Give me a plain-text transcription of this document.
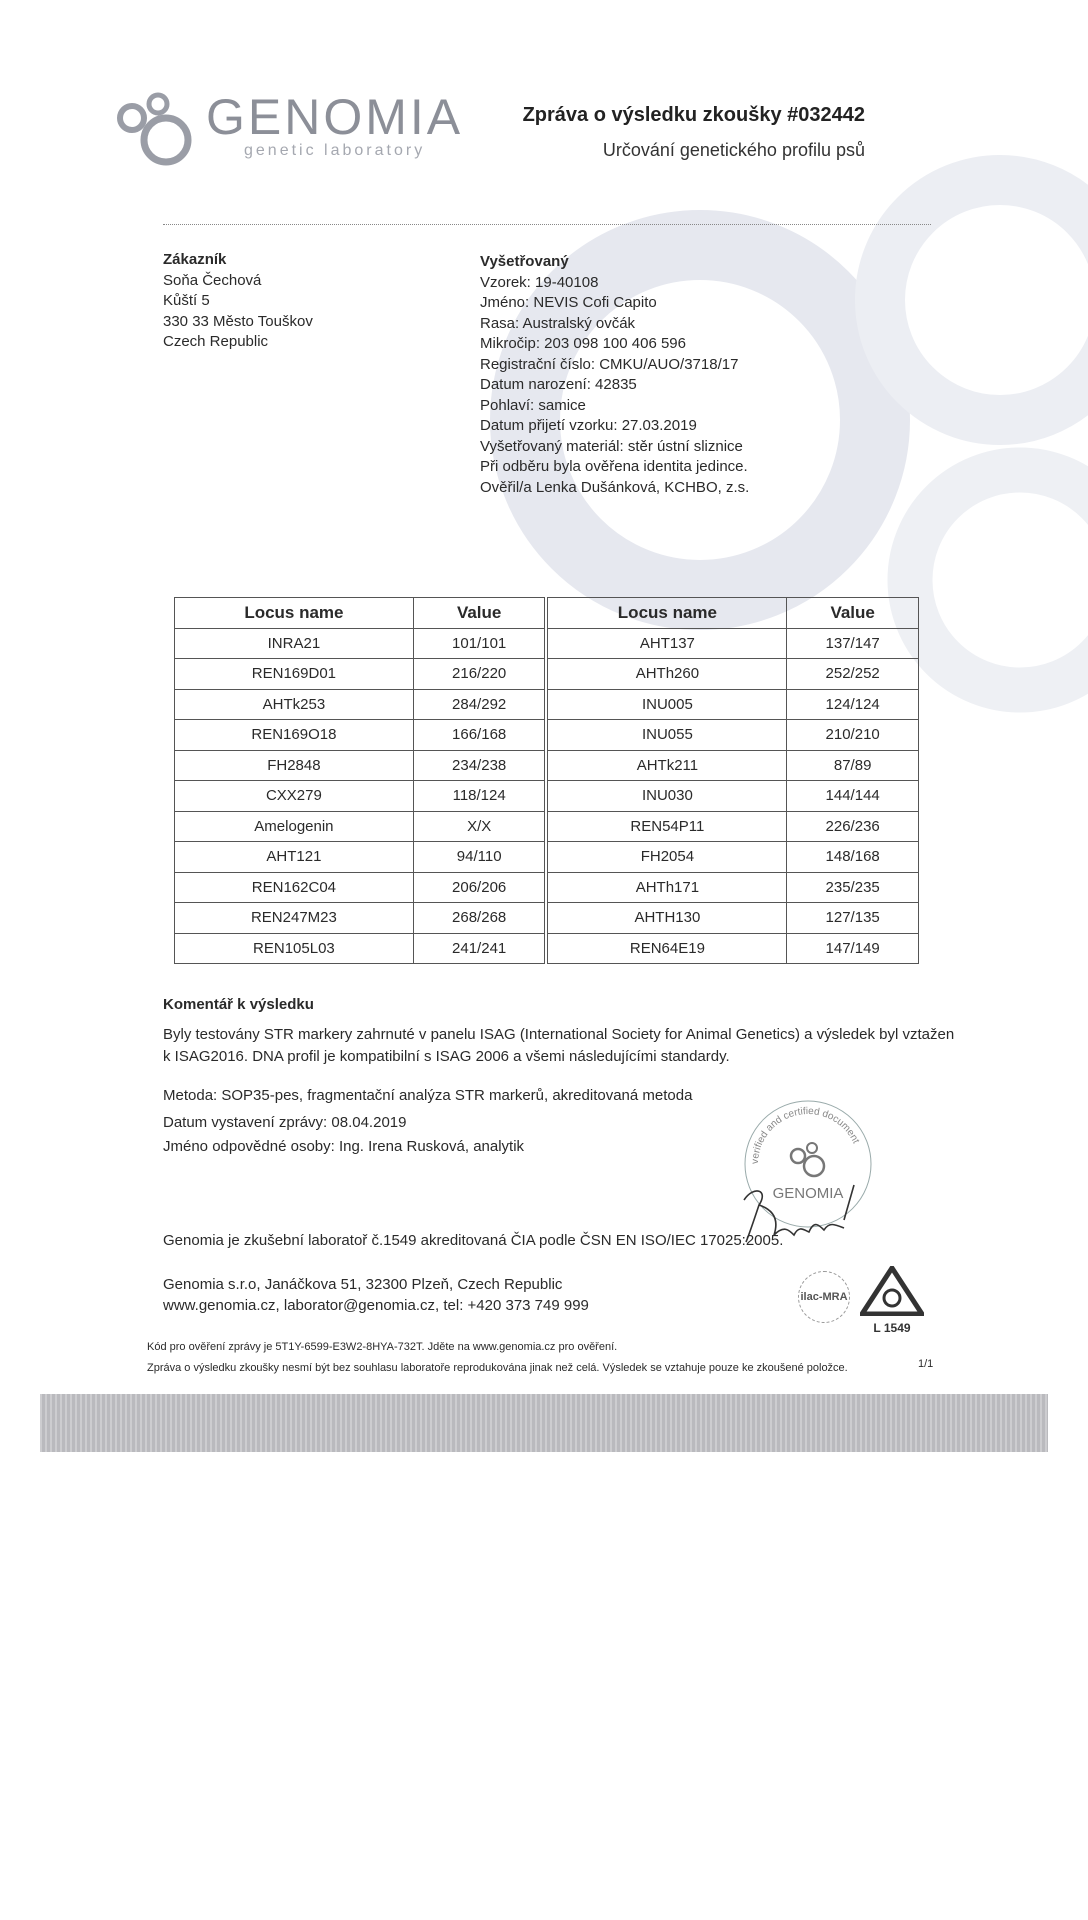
GENOMIA
genetic laboratory
Zpráva o výsledku zkoušky #032442
Určování genetického profilu psů
Zákazník
Soňa Čechová
Kůští 5
330 33 Město Touškov
Czech Republic
Vyšetřovaný
Vzorek: 19-40108
Jméno: NEVIS Cofi Capito
Rasa: Australský ovčák
Mikročip: 203 098 100 406 596
Registrační číslo: CMKU/AUO/3718/17
Datum narození: 42835
Pohlaví: samice
Datum přijetí vzorku: 27.03.2019
Vyšetřovaný materiál: stěr ústní sliznice
Při odběru byla ověřena identita jedince.
Ověřil/a Lenka Dušánková, KCHBO, z.s.
Locus name	Value		Locus name	Value
INRA21	101/101		AHT137	137/147
REN169D01	216/220		AHTh260	252/252
AHTk253	284/292		INU005	124/124
REN169O18	166/168		INU055	210/210
FH2848	234/238		AHTk211	87/89
CXX279	118/124		INU030	144/144
Amelogenin	X/X		REN54P11	226/236
AHT121	94/110		FH2054	148/168
REN162C04	206/206		AHTh171	235/235
REN247M23	268/268		AHTH130	127/135
REN105L03	241/241		REN64E19	147/149
Komentář k výsledku
Byly testovány STR markery zahrnuté v panelu ISAG (International Society for Animal Genetics) a výsledek byl vztažen k ISAG2016. DNA profil je kompatibilní s ISAG 2006 a všemi následujícími standardy.
Metoda: SOP35-pes, fragmentační analýza STR markerů, akreditovaná metoda
Datum vystavení zprávy: 08.04.2019
Jméno odpovědné osoby: Ing. Irena Rusková, analytik
verified and certified document
GENOMIA
Genomia je zkušební laboratoř č.1549 akreditovaná ČIA podle ČSN EN ISO/IEC 17025:2005.
Genomia s.r.o, Janáčkova 51, 32300 Plzeň, Czech Republic
www.genomia.cz, laborator@genomia.cz, tel: +420 373 749 999	ilac-MRA
L 1549
Kód pro ověření zprávy je 5T1Y-6599-E3W2-8HYA-732T. Jděte na www.genomia.cz pro ověření.
Zpráva o výsledku zkoušky nesmí být bez souhlasu laboratoře reprodukována jinak než celá. Výsledek se vztahuje pouze ke zkoušené položce.	1/1
